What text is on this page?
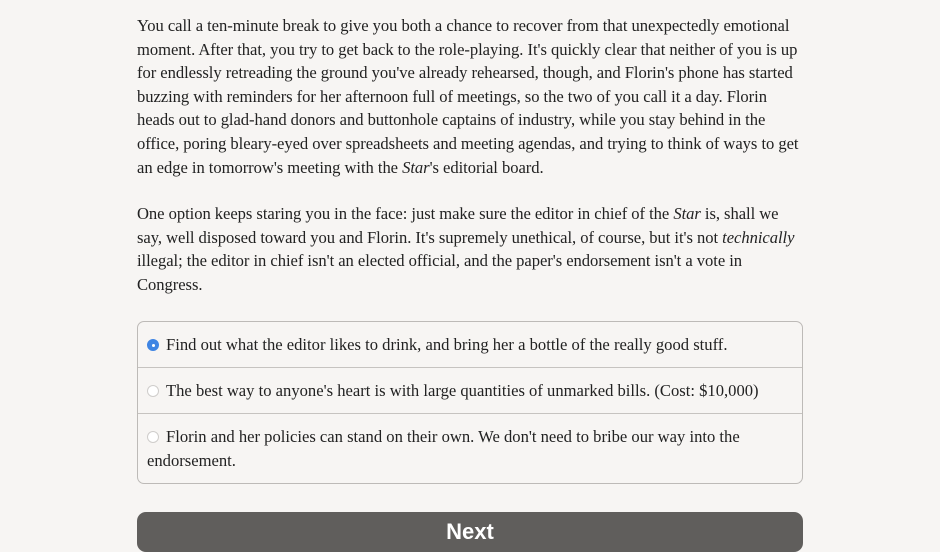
You call a ten-minute break to give you both a chance to recover from that unexpectedly emotional moment. After that, you try to get back to the role-playing. It's quickly clear that neither of you is up for endlessly retreading the ground you've already rehearsed, though, and Florin's phone has started buzzing with reminders for her afternoon full of meetings, so the two of you call it a day. Florin heads out to glad-hand donors and buttonhole captains of industry, while you stay behind in the office, poring bleary-eyed over spreadsheets and meeting agendas, and trying to think of ways to get an edge in tomorrow's meeting with the Star's editorial board.

One option keeps staring you in the face: just make sure the editor in chief of the Star is, shall we say, well disposed toward you and Florin. It's supremely unethical, of course, but it's not technically illegal; the editor in chief isn't an elected official, and the paper's endorsement isn't a vote in Congress.

Find out what the editor likes to drink, and bring her a bottle of the really good stuff.
The best way to anyone's heart is with large quantities of unmarked bills. (Cost: $10,000)
Florin and her policies can stand on their own. We don't need to bribe our way into the endorsement.
Next
